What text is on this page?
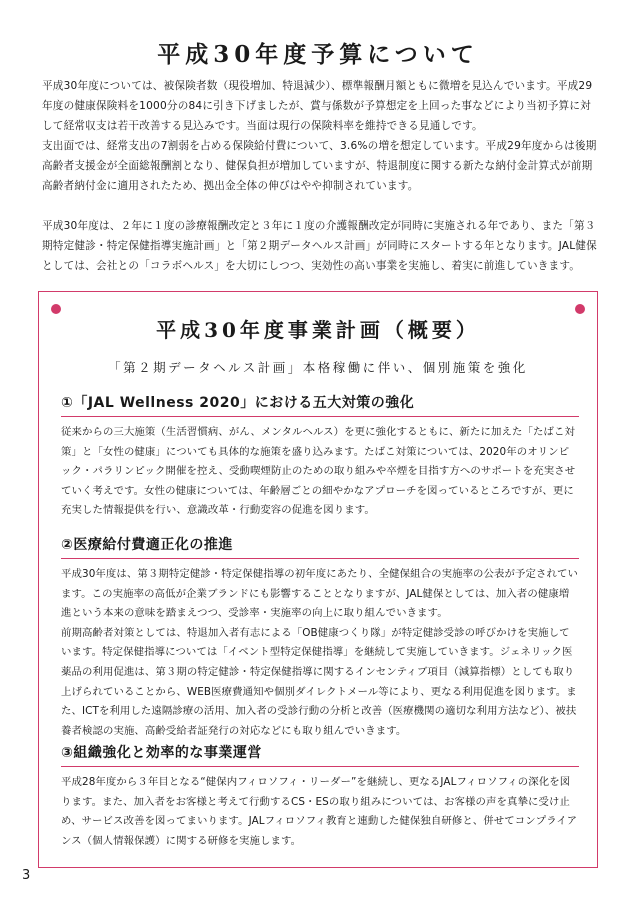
平成30年度予算について

平成30年度については、被保険者数（現役増加、特退減少）、標準報酬月額ともに微増を見込んでいます。平成29年度の健康保険料を1000分の84に引き下げましたが、賞与係数が予算想定を上回った事などにより当初予算に対して経常収支は若干改善する見込みです。当面は現行の保険料率を維持できる見通しです。

支出面では、経常支出の7割弱を占める保険給付費について、3.6%の増を想定しています。平成29年度からは後期高齢者支援金が全面総報酬割となり、健保負担が増加していますが、特退制度に関する新たな納付金計算式が前期高齢者納付金に適用されたため、拠出金全体の伸びはやや抑制されています。

平成30年度は、２年に１度の診療報酬改定と３年に１度の介護報酬改定が同時に実施される年であり、また「第３期特定健診・特定保健指導実施計画」と「第２期データヘルス計画」が同時にスタートする年となります。JAL健保としては、会社との「コラボヘルス」を大切にしつつ、実効性の高い事業を実施し、着実に前進していきます。

平成30年度事業計画（概要）
「第２期データヘルス計画」本格稼働に伴い、個別施策を強化
①「JAL Wellness 2020」における五大対策の強化

従来からの三大施策（生活習慣病、がん、メンタルヘルス）を更に強化するともに、新たに加えた「たばこ対策」と「女性の健康」についても具体的な施策を盛り込みます。たばこ対策については、2020年のオリンピック・パラリンピック開催を控え、受動喫煙防止のための取り組みや卒煙を目指す方へのサポートを充実させていく考えです。女性の健康については、年齢層ごとの細やかなアプローチを図っているところですが、更に充実した情報提供を行い、意識改革・行動変容の促進を図ります。

②医療給付費適正化の推進

平成30年度は、第３期特定健診・特定保健指導の初年度にあたり、全健保組合の実施率の公表が予定されています。この実施率の高低が企業ブランドにも影響することとなりますが、JAL健保としては、加入者の健康増進という本来の意味を踏まえつつ、受診率・実施率の向上に取り組んでいきます。

前期高齢者対策としては、特退加入者有志による「OB健康つくり隊」が特定健診受診の呼びかけを実施しています。特定保健指導については「イベント型特定保健指導」を継続して実施していきます。ジェネリック医薬品の利用促進は、第３期の特定健診・特定保健指導に関するインセンティブ項目（減算指標）としても取り上げられていることから、WEB医療費通知や個別ダイレクトメール等により、更なる利用促進を図ります。また、ICTを利用した遠隔診療の活用、加入者の受診行動の分析と改善（医療機関の適切な利用方法など）、被扶養者検認の実施、高齢受給者証発行の対応などにも取り組んでいきます。

③組織強化と効率的な事業運営

平成28年度から３年目となる“健保内フィロソフィ・リーダー”を継続し、更なるJALフィロソフィの深化を図ります。また、加入者をお客様と考えて行動するCS・ESの取り組みについては、お客様の声を真摯に受け止め、サービス改善を図ってまいります。JALフィロソフィ教育と連動した健保独自研修と、併せてコンプライアンス（個人情報保護）に関する研修を実施します。

3
